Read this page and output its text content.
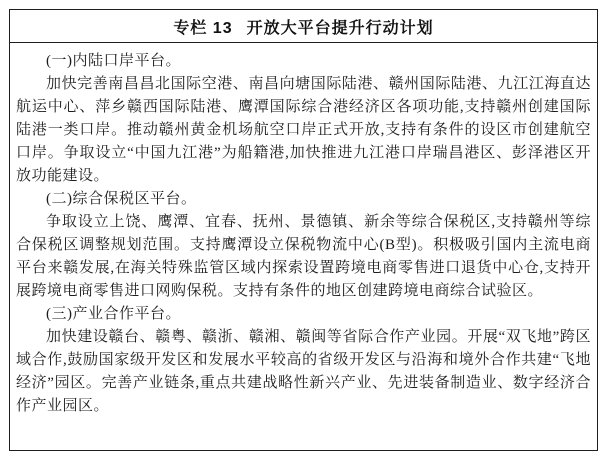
专栏 13 开放大平台提升行动计划
(一)内陆口岸平台。
加快完善南昌昌北国际空港、南昌向塘国际陆港、赣州国际陆港、九江江海直达航运中心、萍乡赣西国际陆港、鹰潭国际综合港经济区各项功能,支持赣州创建国际陆港一类口岸。推动赣州黄金机场航空口岸正式开放,支持有条件的设区市创建航空口岸。争取设立“中国九江港”为船籍港,加快推进九江港口岸瑞昌港区、彭泽港区开放功能建设。
(二)综合保税区平台。
争取设立上饶、鹰潭、宜春、抚州、景德镇、新余等综合保税区,支持赣州等综合保税区调整规划范围。支持鹰潭设立保税物流中心(B型)。积极吸引国内主流电商平台来赣发展,在海关特殊监管区域内探索设置跨境电商零售进口退货中心仓,支持开展跨境电商零售进口网购保税。支持有条件的地区创建跨境电商综合试验区。
(三)产业合作平台。
加快建设赣台、赣粤、赣浙、赣湘、赣闽等省际合作产业园。开展“双飞地”跨区域合作,鼓励国家级开发区和发展水平较高的省级开发区与沿海和境外合作共建“飞地经济”园区。完善产业链条,重点共建战略性新兴产业、先进装备制造业、数字经济合作产业园区。
